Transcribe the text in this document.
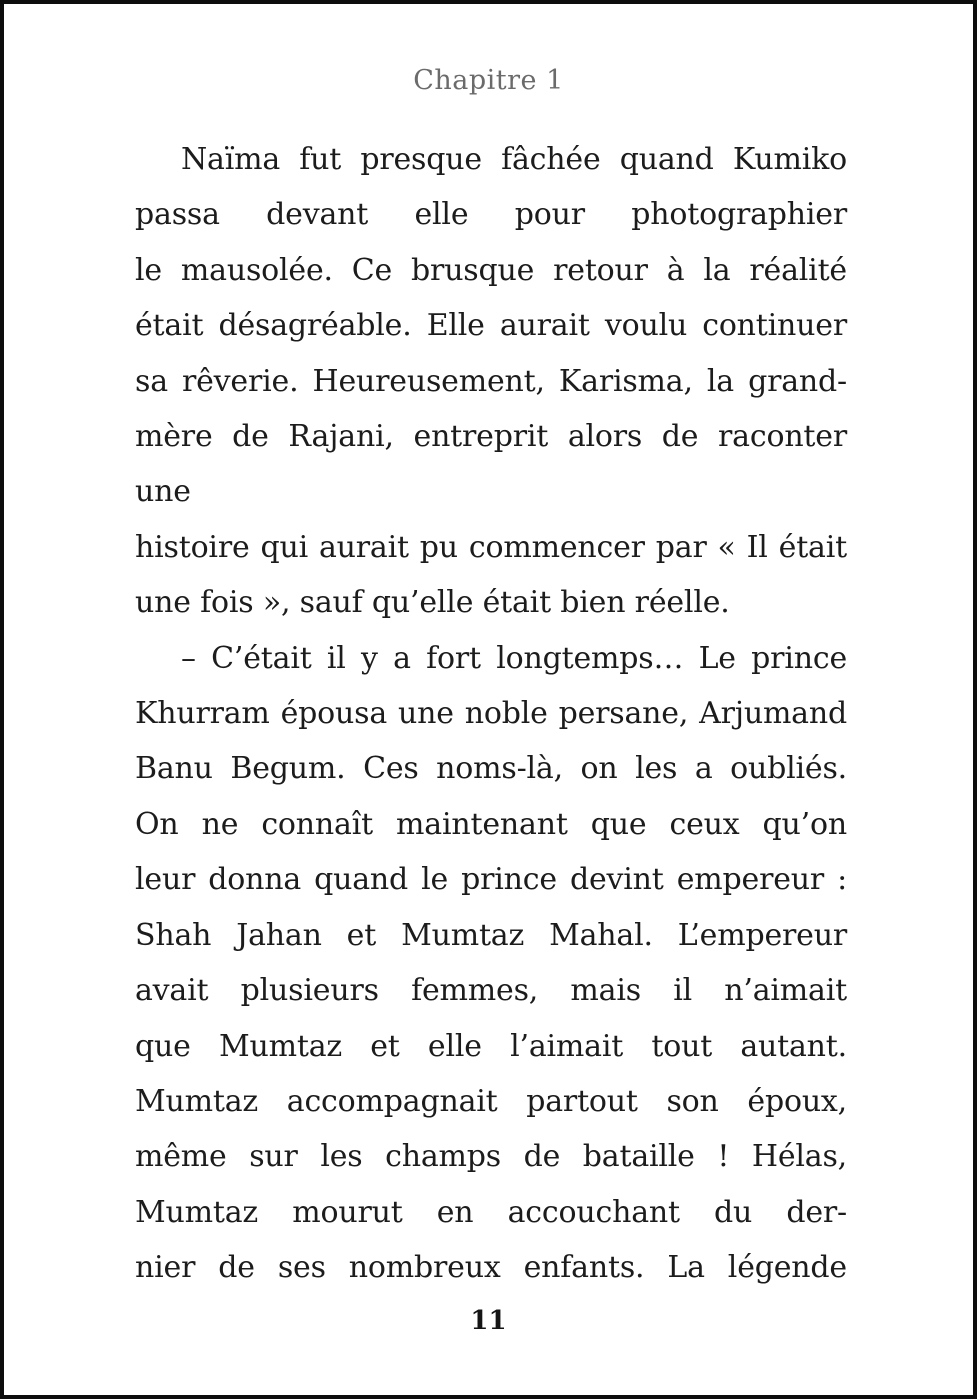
Chapitre 1
Naïma fut presque fâchée quand Kumiko
passa devant elle pour photographier
le mausolée. Ce brusque retour à la réalité
était désagréable. Elle aurait voulu continuer
sa rêverie. Heureusement, Karisma, la grand-
mère de Rajani, entreprit alors de raconter une
histoire qui aurait pu commencer par « Il était
une fois », sauf qu’elle était bien réelle.
– C’était il y a fort longtemps… Le prince
Khurram épousa une noble persane, Arjumand
Banu Begum. Ces noms-là, on les a oubliés.
On ne connaît maintenant que ceux qu’on
leur donna quand le prince devint empereur :
Shah Jahan et Mumtaz Mahal. L’empereur
avait plusieurs femmes, mais il n’aimait
que Mumtaz et elle l’aimait tout autant.
Mumtaz accompagnait partout son époux,
même sur les champs de bataille ! Hélas,
Mumtaz mourut en accouchant du der-
nier de ses nombreux enfants. La légende
11
